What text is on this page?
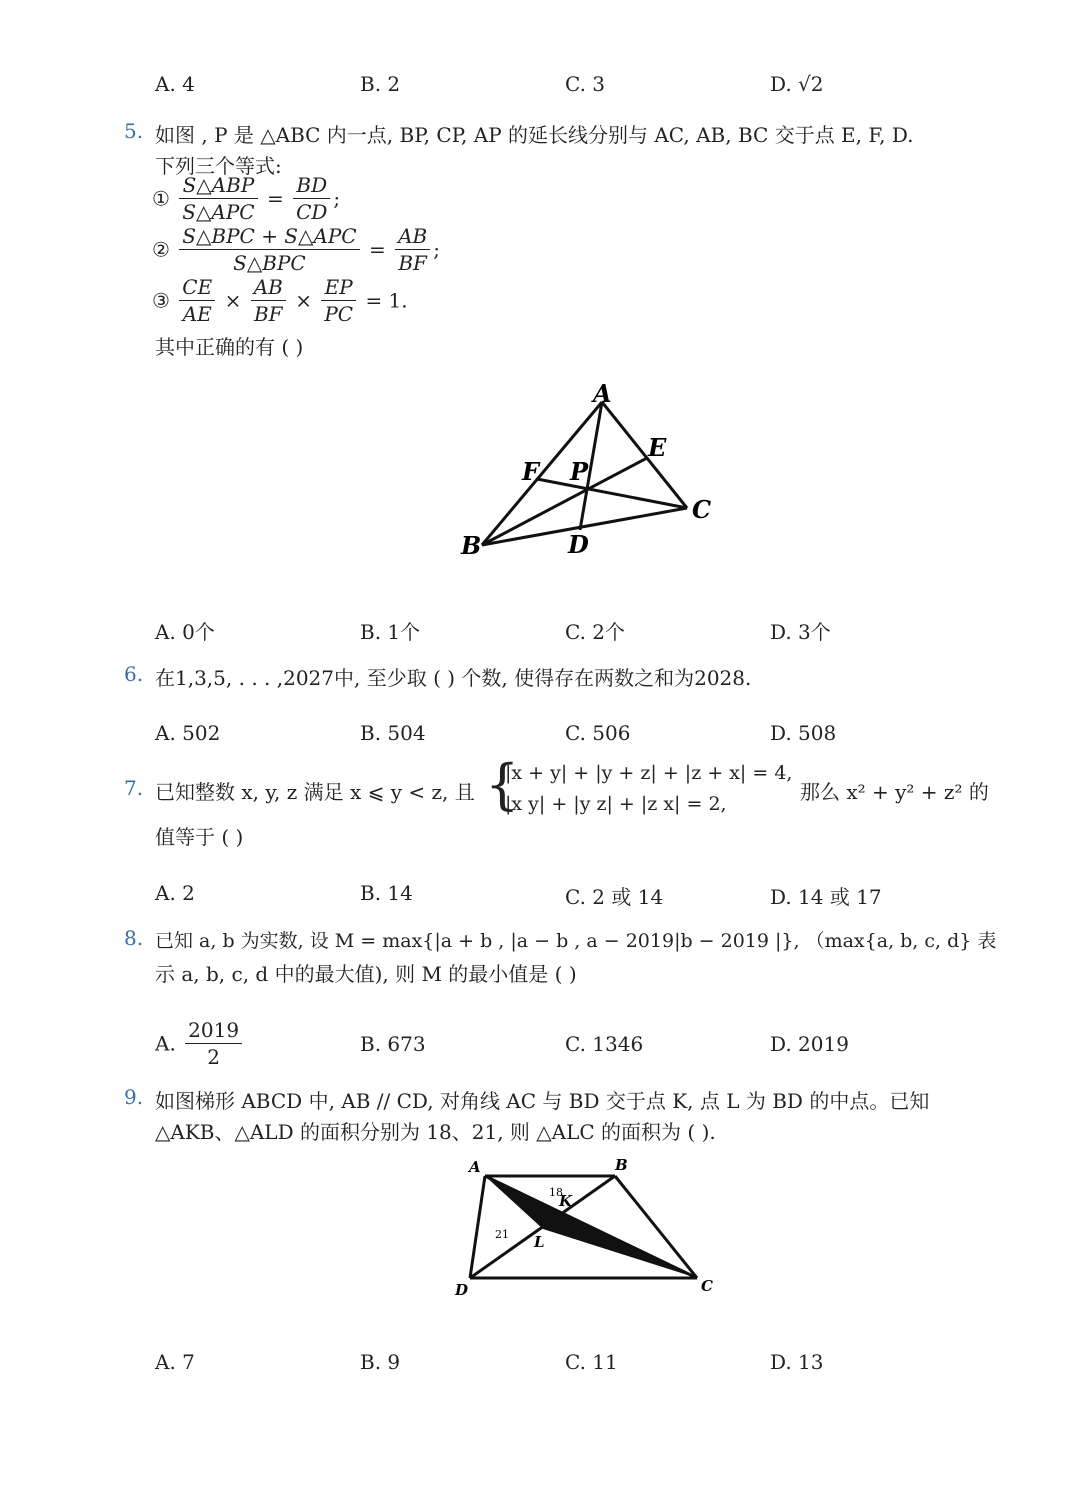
A. 4	B. 2	C. 3	D. √2
5. 如图 , P 是 △ABC 内一点, BP, CP, AP 的延长线分别与 AC, AB, BC 交于点 E, F, D.
下列三个等式:
① $\frac{\text{S△ABP}}{\text{S△APC}} = \frac{BD}{CD}$ ;
② $\frac{\text{S△BPC + S△APC}}{\text{S△BPC}} = \frac{AB}{BF}$ ;
③ $\frac{CE}{AE} \times \frac{AB}{BF} \times \frac{EP}{PC} = 1$.
其中正确的有 ( )
A
B
C
D
E
F P
A. 0个	B. 1个	C. 2个	D. 3个
6. 在1,3,5, . . . ,2027中, 至少取 ( ) 个数, 使得存在两数之和为2028.
A. 502	B. 504	C. 506	D. 508
7. 已知整数 x, y, z 满足 x ⩽ y < z, 且 {
|x + y| + |y + z| + |z + x| = 4,
|x y| + |y z| + |z x| = 2,	那么 x² + y² + z² 的
值等于 ( )
A. 2	B. 14	C. 2 或 14	D. 14 或 17
8. 已知 a, b 为实数, 设 M = max{|a + b , |a − b , a − 2019|b − 2019 |}, （max{a, b, c, d} 表
示 a, b, c, d 中的最大值), 则 M 的最小值是 ( )
A. $\frac{2019}{2}$	B. 673	C. 1346	D. 2019
9. 如图梯形 ABCD 中, AB // CD, 对角线 AC 与 BD 交于点 K, 点 L 为 BD 的中点。已知
△AKB、△ALD 的面积分别为 18、21, 则 △ALC 的面积为 ( ).
A	B
C
D
K
L
18
21
A. 7	B. 9	C. 11	D. 13
